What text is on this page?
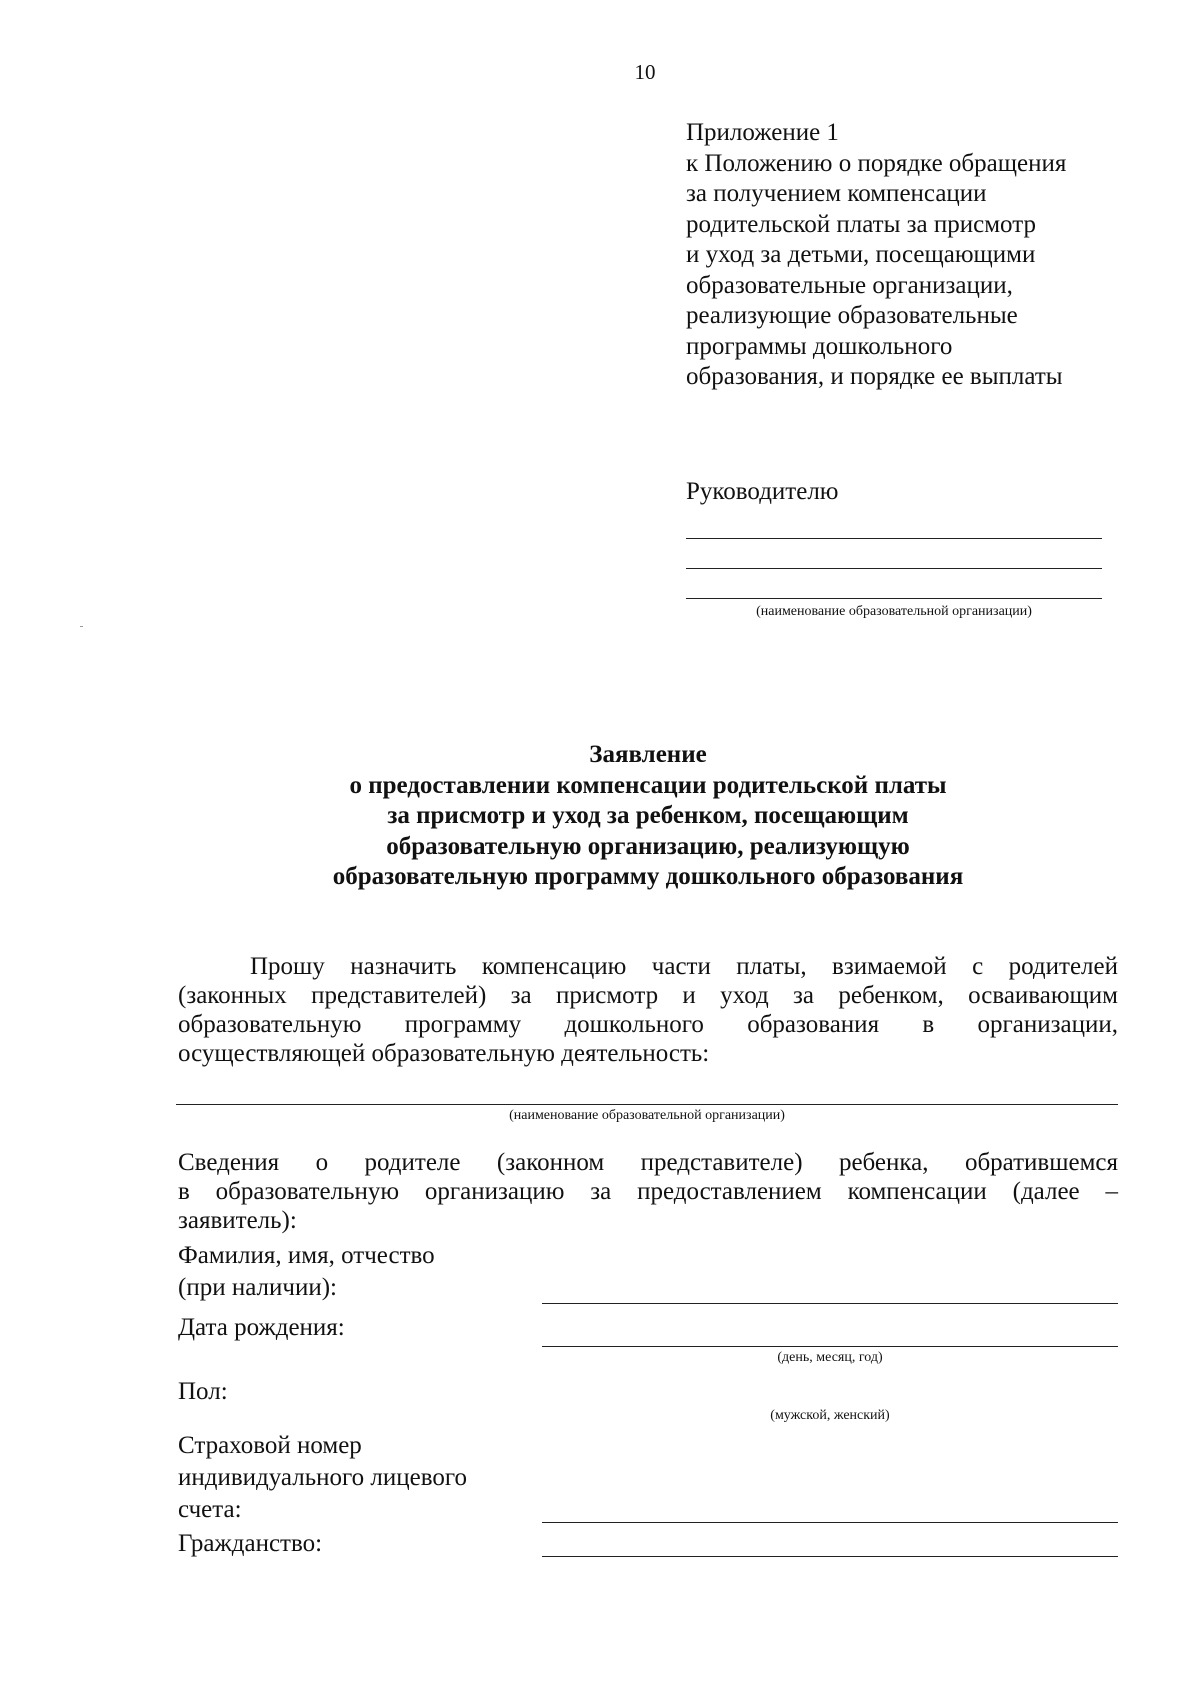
10
Приложение 1
к Положению о порядке обращения
за получением компенсации
родительской платы за присмотр
и уход за детьми, посещающими
образовательные организации,
реализующие образовательные
программы дошкольного
образования, и порядке ее выплаты
Руководителю
(наименование образовательной организации)
Заявление
о предоставлении компенсации родительской платы
за присмотр и уход за ребенком, посещающим
образовательную организацию, реализующую
образовательную программу дошкольного образования
Прошу назначить компенсацию части платы, взимаемой с родителей
(законных представителей) за присмотр и уход за ребенком, осваивающим
образовательную программу дошкольного образования в организации,
осуществляющей образовательную деятельность:
(наименование образовательной организации)
Сведения о родителе (законном представителе) ребенка, обратившемся
в образовательную организацию за предоставлением компенсации (далее –
заявитель):
Фамилия, имя, отчество
(при наличии):
Дата рождения:
(день, месяц, год)
Пол:
(мужской, женский)
Страховой номер
индивидуального лицевого
счета:
Гражданство:
